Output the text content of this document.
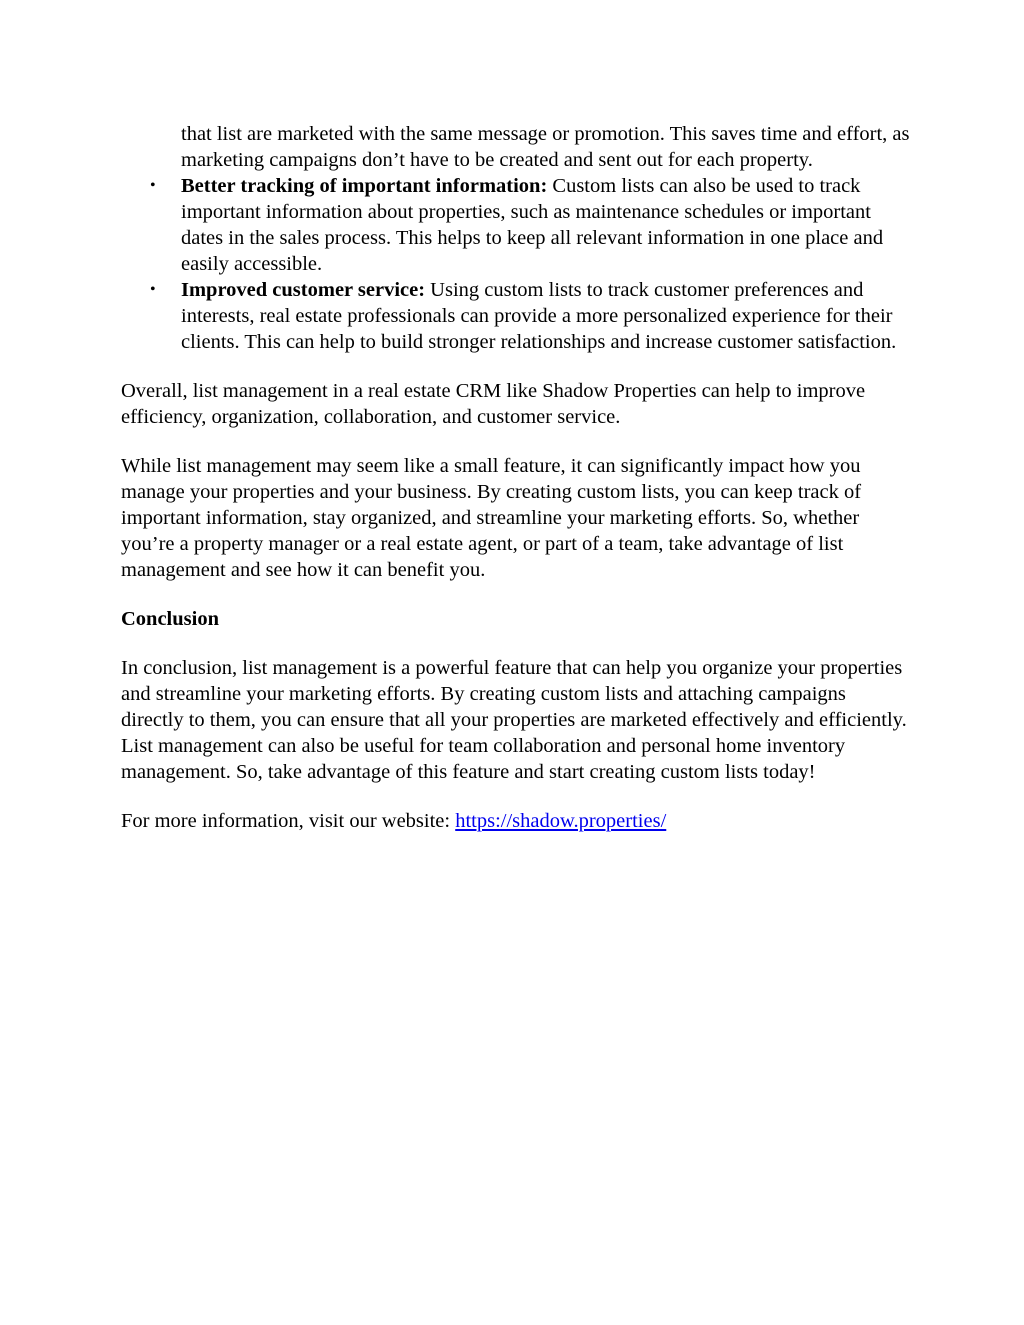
that list are marketed with the same message or promotion. This saves time and effort, as marketing campaigns don’t have to be created and sent out for each property.

• Better tracking of important information: Custom lists can also be used to track important information about properties, such as maintenance schedules or important dates in the sales process. This helps to keep all relevant information in one place and easily accessible.
• Improved customer service: Using custom lists to track customer preferences and interests, real estate professionals can provide a more personalized experience for their clients. This can help to build stronger relationships and increase customer satisfaction.

Overall, list management in a real estate CRM like Shadow Properties can help to improve efficiency, organization, collaboration, and customer service.

While list management may seem like a small feature, it can significantly impact how you manage your properties and your business. By creating custom lists, you can keep track of important information, stay organized, and streamline your marketing efforts. So, whether you’re a property manager or a real estate agent, or part of a team, take advantage of list management and see how it can benefit you.

Conclusion

In conclusion, list management is a powerful feature that can help you organize your properties and streamline your marketing efforts. By creating custom lists and attaching campaigns directly to them, you can ensure that all your properties are marketed effectively and efficiently. List management can also be useful for team collaboration and personal home inventory management. So, take advantage of this feature and start creating custom lists today!

For more information, visit our website: https://shadow.properties/
